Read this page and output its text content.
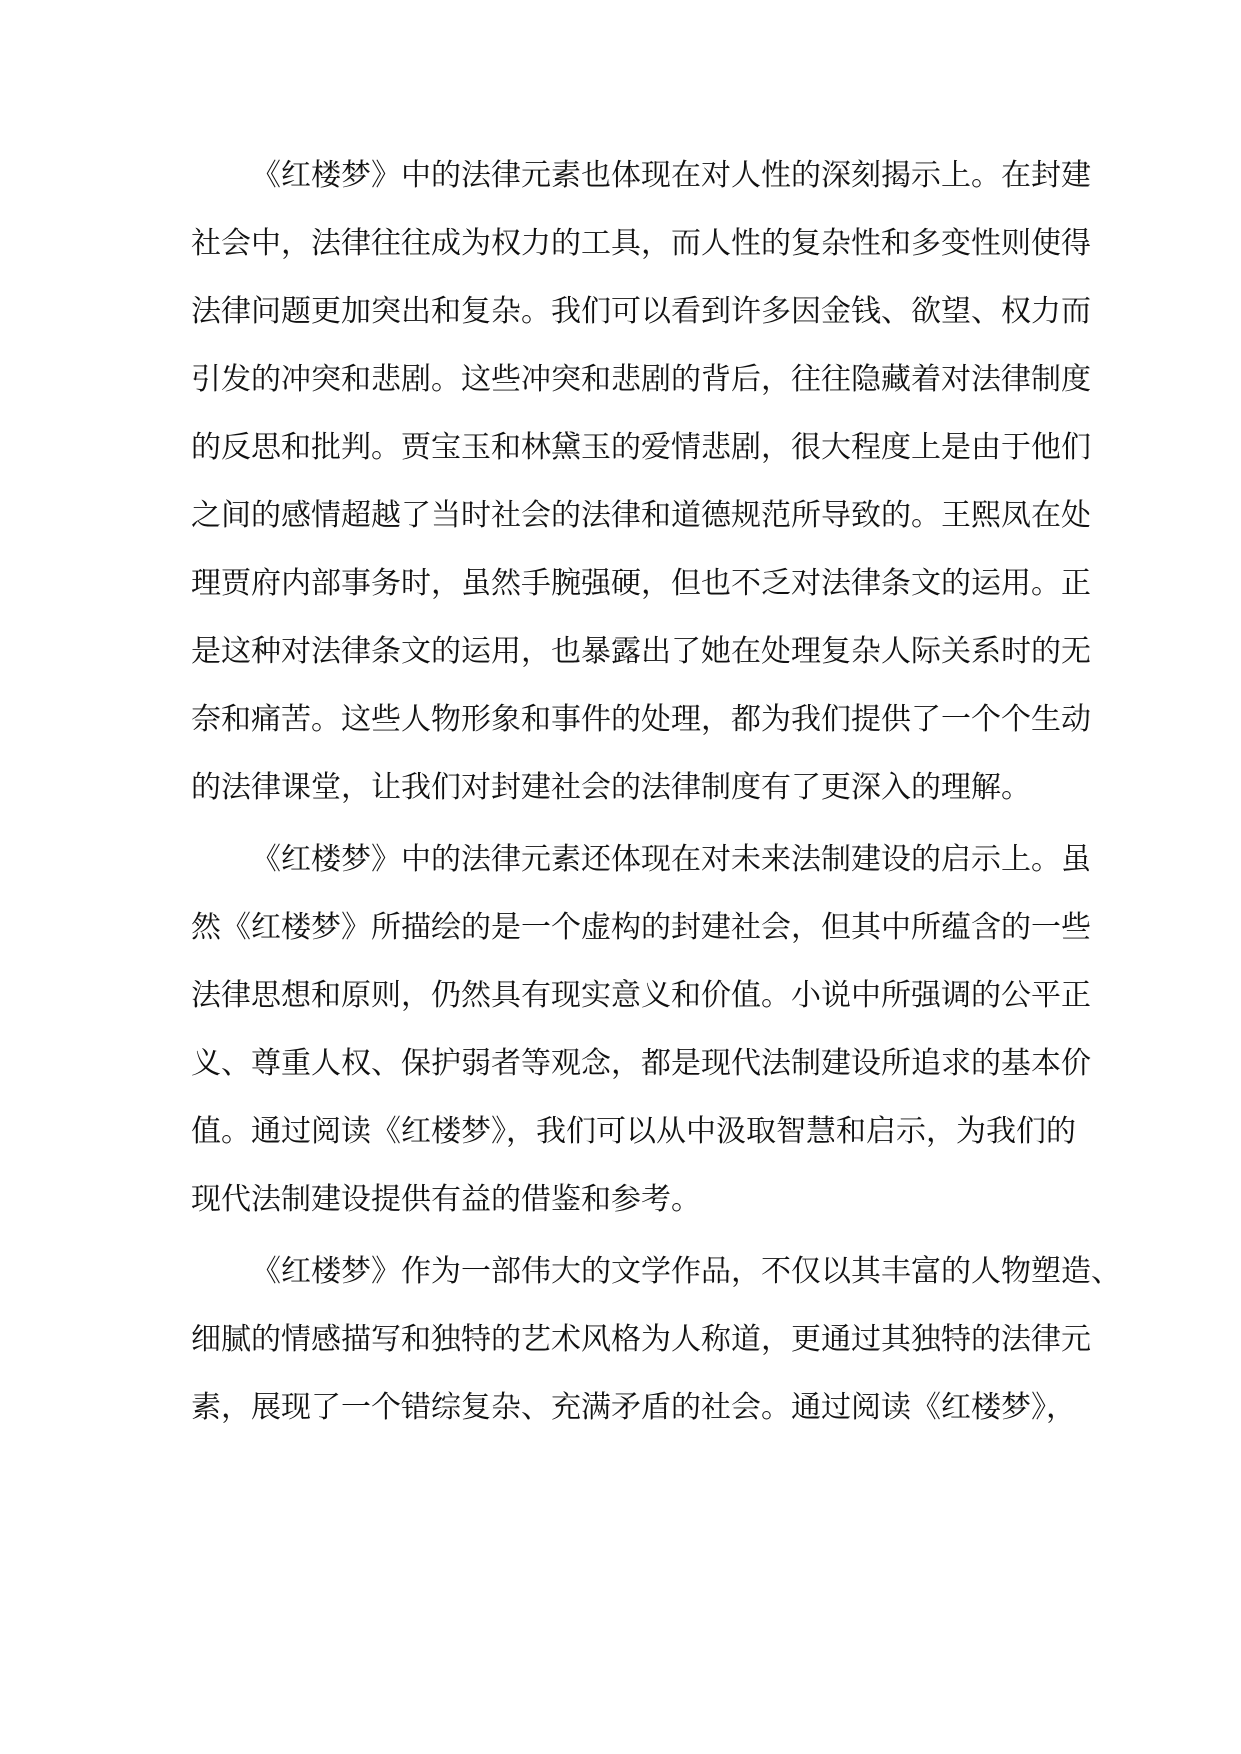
《红楼梦》中的法律元素也体现在对人性的深刻揭示上。在封建
社会中，法律往往成为权力的工具，而人性的复杂性和多变性则使得
法律问题更加突出和复杂。我们可以看到许多因金钱、欲望、权力而
引发的冲突和悲剧。这些冲突和悲剧的背后，往往隐藏着对法律制度
的反思和批判。贾宝玉和林黛玉的爱情悲剧，很大程度上是由于他们
之间的感情超越了当时社会的法律和道德规范所导致的。王熙凤在处
理贾府内部事务时，虽然手腕强硬，但也不乏对法律条文的运用。正
是这种对法律条文的运用，也暴露出了她在处理复杂人际关系时的无
奈和痛苦。这些人物形象和事件的处理，都为我们提供了一个个生动
的法律课堂，让我们对封建社会的法律制度有了更深入的理解。
《红楼梦》中的法律元素还体现在对未来法制建设的启示上。虽
然《红楼梦》所描绘的是一个虚构的封建社会，但其中所蕴含的一些
法律思想和原则，仍然具有现实意义和价值。小说中所强调的公平正
义、尊重人权、保护弱者等观念，都是现代法制建设所追求的基本价
值。通过阅读《红楼梦》，我们可以从中汲取智慧和启示，为我们的
现代法制建设提供有益的借鉴和参考。
《红楼梦》作为一部伟大的文学作品，不仅以其丰富的人物塑造、
细腻的情感描写和独特的艺术风格为人称道，更通过其独特的法律元
素，展现了一个错综复杂、充满矛盾的社会。通过阅读《红楼梦》，
